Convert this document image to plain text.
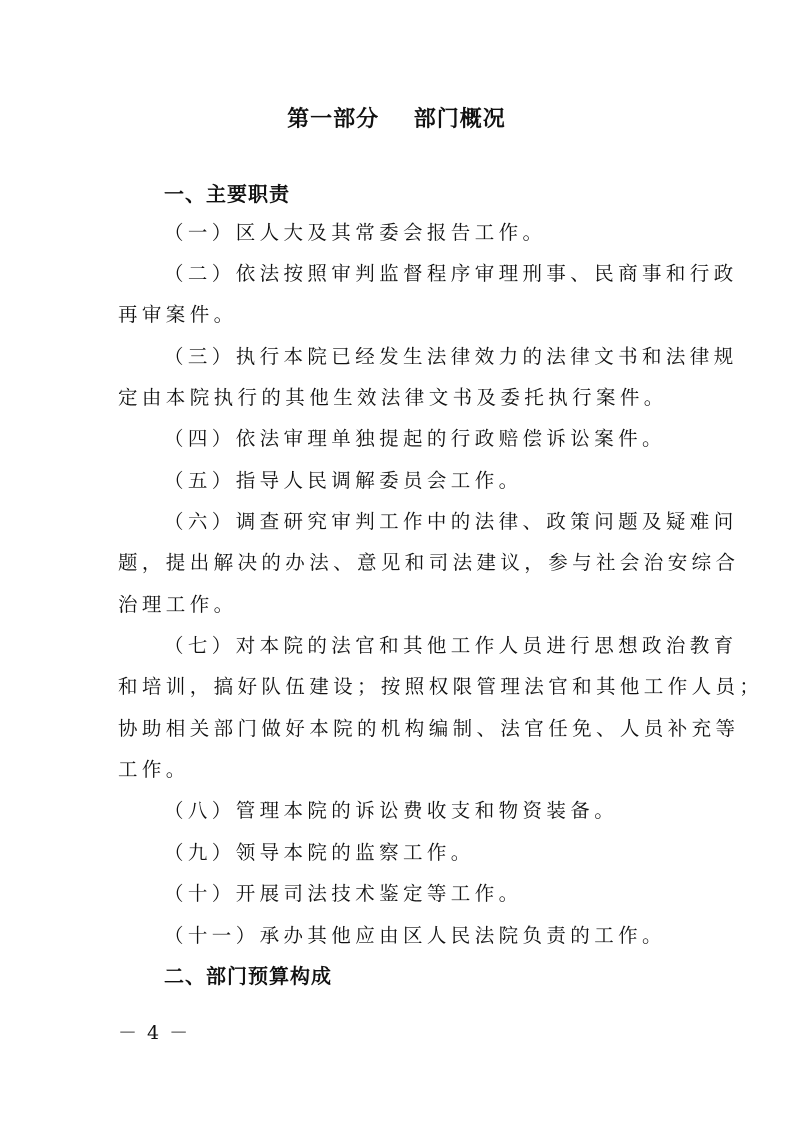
第一部分    部门概况
一、主要职责
（一）区人大及其常委会报告工作。
（二）依法按照审判监督程序审理刑事、民商事和行政
再审案件。
（三）执行本院已经发生法律效力的法律文书和法律规
定由本院执行的其他生效法律文书及委托执行案件。
（四）依法审理单独提起的行政赔偿诉讼案件。
（五）指导人民调解委员会工作。
（六）调查研究审判工作中的法律、政策问题及疑难问
题，提出解决的办法、意见和司法建议，参与社会治安综合
治理工作。
（七）对本院的法官和其他工作人员进行思想政治教育
和培训，搞好队伍建设；按照权限管理法官和其他工作人员；
协助相关部门做好本院的机构编制、法官任免、人员补充等
工作。
（八）管理本院的诉讼费收支和物资装备。
（九）领导本院的监察工作。
（十）开展司法技术鉴定等工作。
（十一）承办其他应由区人民法院负责的工作。
二、部门预算构成
－ 4 －
